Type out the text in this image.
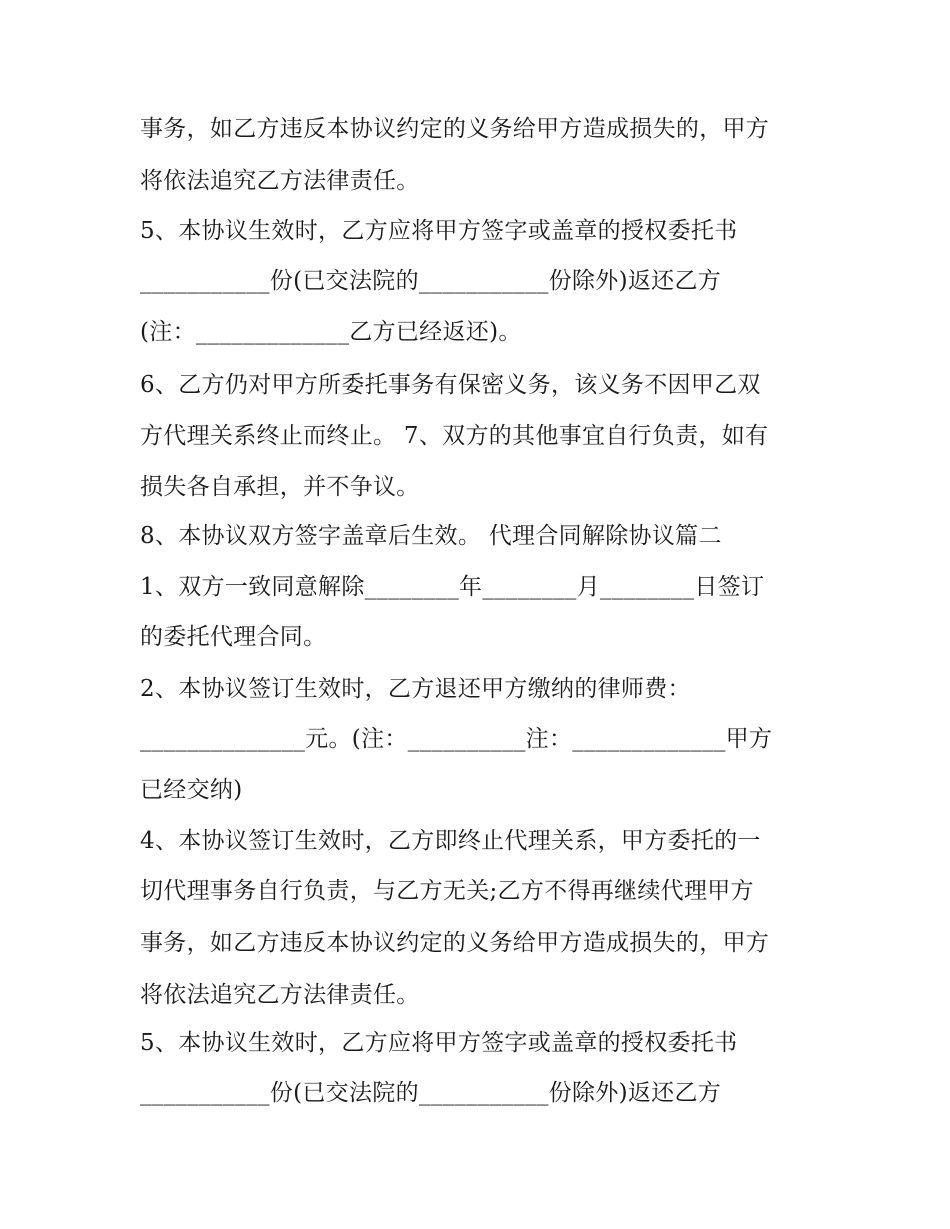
事务，如乙方违反本协议约定的义务给甲方造成损失的，甲方
将依法追究乙方法律责任。
5、本协议生效时，乙方应将甲方签字或盖章的授权委托书
___________份(已交法院的___________份除外)返还乙方
(注：_____________乙方已经返还)。
6、乙方仍对甲方所委托事务有保密义务，该义务不因甲乙双
方代理关系终止而终止。 7、双方的其他事宜自行负责，如有
损失各自承担，并不争议。
8、本协议双方签字盖章后生效。 代理合同解除协议篇二
1、双方一致同意解除________年________月________日签订
的委托代理合同。
2、本协议签订生效时，乙方退还甲方缴纳的律师费：
______________元。(注：__________注：_____________甲方
已经交纳)
4、本协议签订生效时，乙方即终止代理关系，甲方委托的一
切代理事务自行负责，与乙方无关;乙方不得再继续代理甲方
事务，如乙方违反本协议约定的义务给甲方造成损失的，甲方
将依法追究乙方法律责任。
5、本协议生效时，乙方应将甲方签字或盖章的授权委托书
___________份(已交法院的___________份除外)返还乙方
